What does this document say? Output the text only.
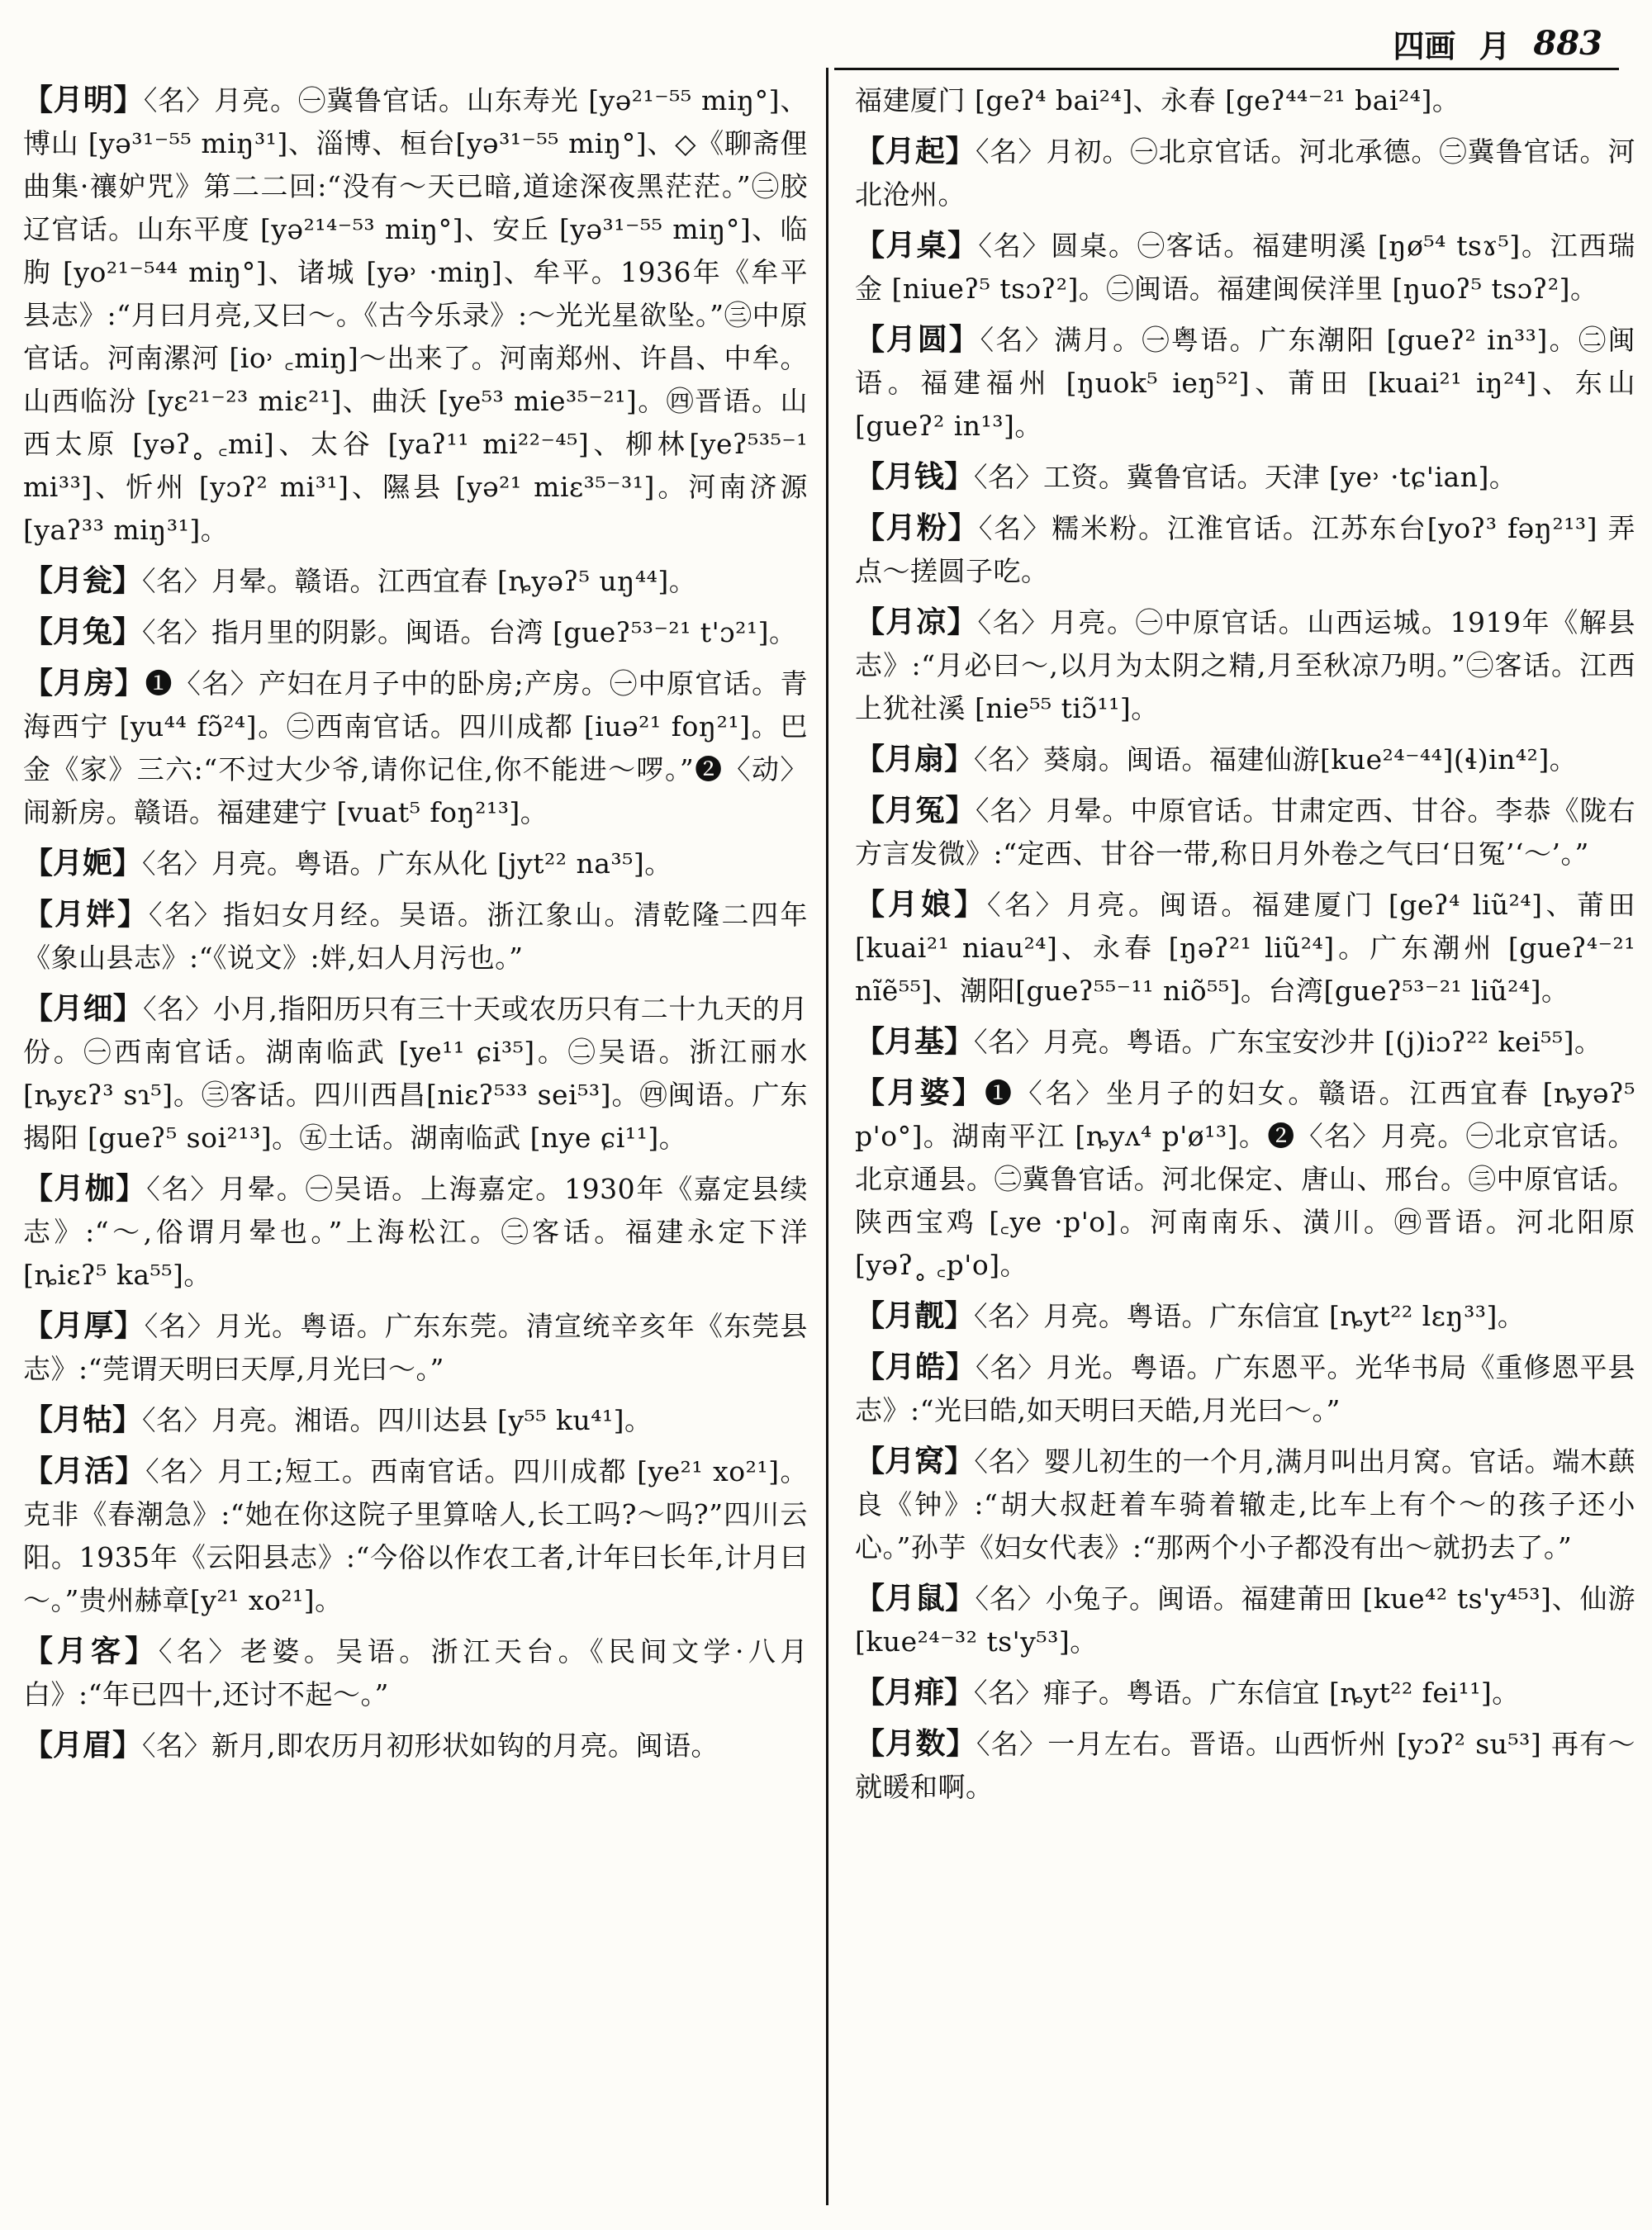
四画 月 883

【月明】〈名〉月亮。㊀冀鲁官话。山东寿光 [yə²¹⁻⁵⁵ miŋ°]、博山 [yə³¹⁻⁵⁵ miŋ³¹]、淄博、桓台[yə³¹⁻⁵⁵ miŋ°]、◇《聊斋俚曲集·禳妒咒》第二二回:“没有～天已暗,道途深夜黑茫茫。”㊁胶辽官话。山东平度 [yə²¹⁴⁻⁵³ miŋ°]、安丘 [yə³¹⁻⁵⁵ miŋ°]、临朐 [yo²¹⁻⁵⁴⁴ miŋ°]、诸城 [yə˒ ·miŋ]、牟平。1936年《牟平县志》:“月曰月亮,又曰～。《古今乐录》:～光光星欲坠。”㊂中原官话。河南漯河 [io˒ ꜀miŋ]～出来了。河南郑州、许昌、中牟。山西临汾 [yɛ²¹⁻²³ miɛ²¹]、曲沃 [ye⁵³ mie³⁵⁻²¹]。㊃晋语。山西太原 [yəʔ˳ ꜀mi]、太谷 [yaʔ¹¹ mi²²⁻⁴⁵]、柳林[yeʔ⁵³⁵⁻¹ mi³³]、忻州 [yɔʔ² mi³¹]、隰县 [yə²¹ miɛ³⁵⁻³¹]。河南济源 [yaʔ³³ miŋ³¹]。

【月瓮】〈名〉月晕。赣语。江西宜春 [ȵyəʔ⁵ uŋ⁴⁴]。

【月兔】〈名〉指月里的阴影。闽语。台湾 [gueʔ⁵³⁻²¹ t'ɔ²¹]。

【月房】❶〈名〉产妇在月子中的卧房;产房。㊀中原官话。青海西宁 [yu⁴⁴ fɔ̃²⁴]。㊁西南官话。四川成都 [iuə²¹ foŋ²¹]。巴金《家》三六:“不过大少爷,请你记住,你不能进～啰。”❷〈动〉闹新房。赣语。福建建宁 [vuat⁵ foŋ²¹³]。

【月㛂】〈名〉月亮。粤语。广东从化 [jyt²² na³⁵]。

【月姅】〈名〉指妇女月经。吴语。浙江象山。清乾隆二四年《象山县志》:“《说文》:姅,妇人月污也。”

【月细】〈名〉小月,指阳历只有三十天或农历只有二十九天的月份。㊀西南官话。湖南临武 [ye¹¹ ɕi³⁵]。㊁吴语。浙江丽水 [ȵyɛʔ³ sɿ⁵]。㊂客话。四川西昌[niɛʔ⁵³³ sei⁵³]。㊃闽语。广东揭阳 [gueʔ⁵ soi²¹³]。㊄土话。湖南临武 [nye ɕi¹¹]。

【月枷】〈名〉月晕。㊀吴语。上海嘉定。1930年《嘉定县续志》:“～,俗谓月晕也。”上海松江。㊁客话。福建永定下洋 [ȵiɛʔ⁵ ka⁵⁵]。

【月厚】〈名〉月光。粤语。广东东莞。清宣统辛亥年《东莞县志》:“莞谓天明曰天厚,月光曰～。”

【月牯】〈名〉月亮。湘语。四川达县 [y⁵⁵ ku⁴¹]。

【月活】〈名〉月工;短工。西南官话。四川成都 [ye²¹ xo²¹]。克非《春潮急》:“她在你这院子里算啥人,长工吗?～吗?”四川云阳。1935年《云阳县志》:“今俗以作农工者,计年曰长年,计月曰～。”贵州赫章[y²¹ xo²¹]。

【月客】〈名〉老婆。吴语。浙江天台。《民间文学·八月白》:“年已四十,还讨不起～。”

【月眉】〈名〉新月,即农历月初形状如钩的月亮。闽语。

福建厦门 [geʔ⁴ bai²⁴]、永春 [geʔ⁴⁴⁻²¹ bai²⁴]。

【月起】〈名〉月初。㊀北京官话。河北承德。㊁冀鲁官话。河北沧州。

【月桌】〈名〉圆桌。㊀客话。福建明溪 [ŋø⁵⁴ tsɤ⁵]。江西瑞金 [niueʔ⁵ tsɔʔ²]。㊁闽语。福建闽侯洋里 [ŋuoʔ⁵ tsɔʔ²]。

【月圆】〈名〉满月。㊀粤语。广东潮阳 [gueʔ² in³³]。㊁闽语。福建福州 [ŋuok⁵ ieŋ⁵²]、莆田 [kuai²¹ iŋ²⁴]、东山 [gueʔ² in¹³]。

【月钱】〈名〉工资。冀鲁官话。天津 [ye˒ ·tɕ'ian]。

【月粉】〈名〉糯米粉。江淮官话。江苏东台[yoʔ³ fəŋ²¹³] 弄点～搓圆子吃。

【月凉】〈名〉月亮。㊀中原官话。山西运城。1919年《解县志》:“月必曰～,以月为太阴之精,月至秋凉乃明。”㊁客话。江西上犹社溪 [nie⁵⁵ tiɔ̃¹¹]。

【月扇】〈名〉葵扇。闽语。福建仙游[kue²⁴⁻⁴⁴](ɬ)in⁴²]。

【月冤】〈名〉月晕。中原官话。甘肃定西、甘谷。李恭《陇右方言发微》:“定西、甘谷一带,称日月外卷之气曰‘日冤’‘～’。”

【月娘】〈名〉月亮。闽语。福建厦门 [geʔ⁴ liũ²⁴]、莆田 [kuai²¹ niau²⁴]、永春 [ŋəʔ²¹ liũ²⁴]。广东潮州 [gueʔ⁴⁻²¹ nĩẽ⁵⁵]、潮阳[gueʔ⁵⁵⁻¹¹ niõ⁵⁵]。台湾[gueʔ⁵³⁻²¹ liũ²⁴]。

【月基】〈名〉月亮。粤语。广东宝安沙井 [(j)iɔʔ²² kei⁵⁵]。

【月婆】❶〈名〉坐月子的妇女。赣语。江西宜春 [ȵyəʔ⁵ p'o°]。湖南平江 [ȵyʌ⁴ p'ø¹³]。❷〈名〉月亮。㊀北京官话。北京通县。㊁冀鲁官话。河北保定、唐山、邢台。㊂中原官话。陕西宝鸡 [꜀ye ·p'o]。河南南乐、潢川。㊃晋语。河北阳原 [yəʔ˳ ꜀p'o]。

【月靓】〈名〉月亮。粤语。广东信宜 [ȵyt²² lɛŋ³³]。

【月皓】〈名〉月光。粤语。广东恩平。光华书局《重修恩平县志》:“光曰皓,如天明曰天皓,月光曰～。”

【月窝】〈名〉婴儿初生的一个月,满月叫出月窝。官话。端木蕻良《钟》:“胡大叔赶着车骑着辙走,比车上有个～的孩子还小心。”孙芋《妇女代表》:“那两个小子都没有出～就扔去了。”

【月鼠】〈名〉小兔子。闽语。福建莆田 [kue⁴² ts'y⁴⁵³]、仙游 [kue²⁴⁻³² ts'y⁵³]。

【月痱】〈名〉痱子。粤语。广东信宜 [ȵyt²² fei¹¹]。

【月数】〈名〉一月左右。晋语。山西忻州 [yɔʔ² su⁵³] 再有～就暖和啊。
